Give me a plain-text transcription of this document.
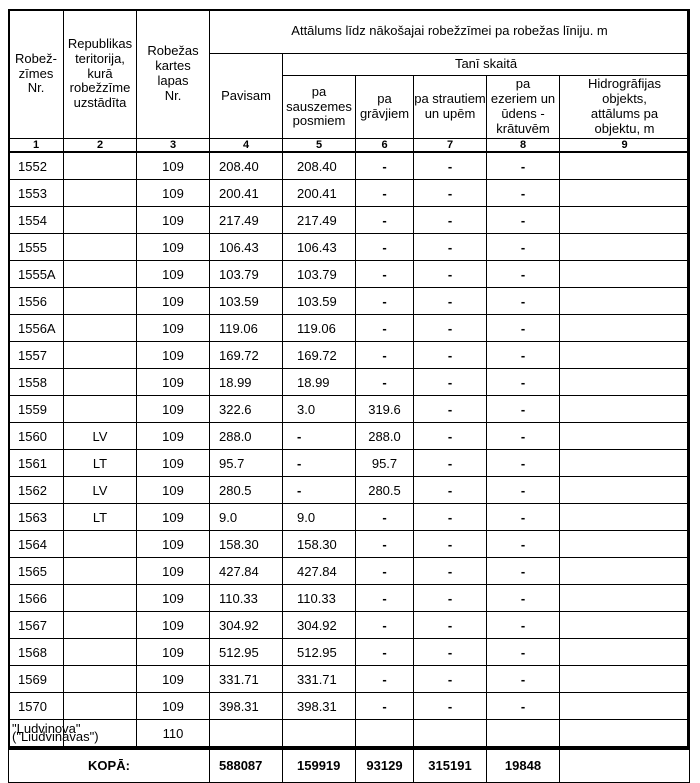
Robež-
zīmes
Nr.	Republikas
teritorija,
kurā
robežzīme
uzstādīta	Robežas
kartes
lapas
Nr.	Attālums līdz nākošajai robežzīmei pa robežas līniju. m					
			Pavisam	Tanī skaitā				
				pa
sauszemes
posmiem	pa
grāvjiem	pa strautiem
un upēm	pa
ezeriem un
ūdens -
krātuvēm	Hidrogrāfijas
objekts,
attālums pa
objektu, m
1	2	3	4	5	6	7	8	9
1552		109	208.40	208.40	-	-	-	
1553		109	200.41	200.41	-	-	-	
1554		109	217.49	217.49	-	-	-	
1555		109	106.43	106.43	-	-	-	
1555A		109	103.79	103.79	-	-	-	
1556		109	103.59	103.59	-	-	-	
1556A		109	119.06	119.06	-	-	-	
1557		109	169.72	169.72	-	-	-	
1558		109	18.99	18.99	-	-	-	
1559		109	322.6	3.0	319.6	-	-	
1560	LV	109	288.0	-	288.0	-	-	
1561	LT	109	95.7	-	95.7	-	-	
1562	LV	109	280.5	-	280.5	-	-	
1563	LT	109	9.0	9.0	-	-	-	
1564		109	158.30	158.30	-	-	-	
1565		109	427.84	427.84	-	-	-	
1566		109	110.33	110.33	-	-	-	
1567		109	304.92	304.92	-	-	-	
1568		109	512.95	512.95	-	-	-	
1569		109	331.71	331.71	-	-	-	
1570		109	398.31	398.31	-	-	-	
"Ludvinova"
("Liudvinavas")		110						
KOPĀ:			588087	159919	93129	315191	19848	
